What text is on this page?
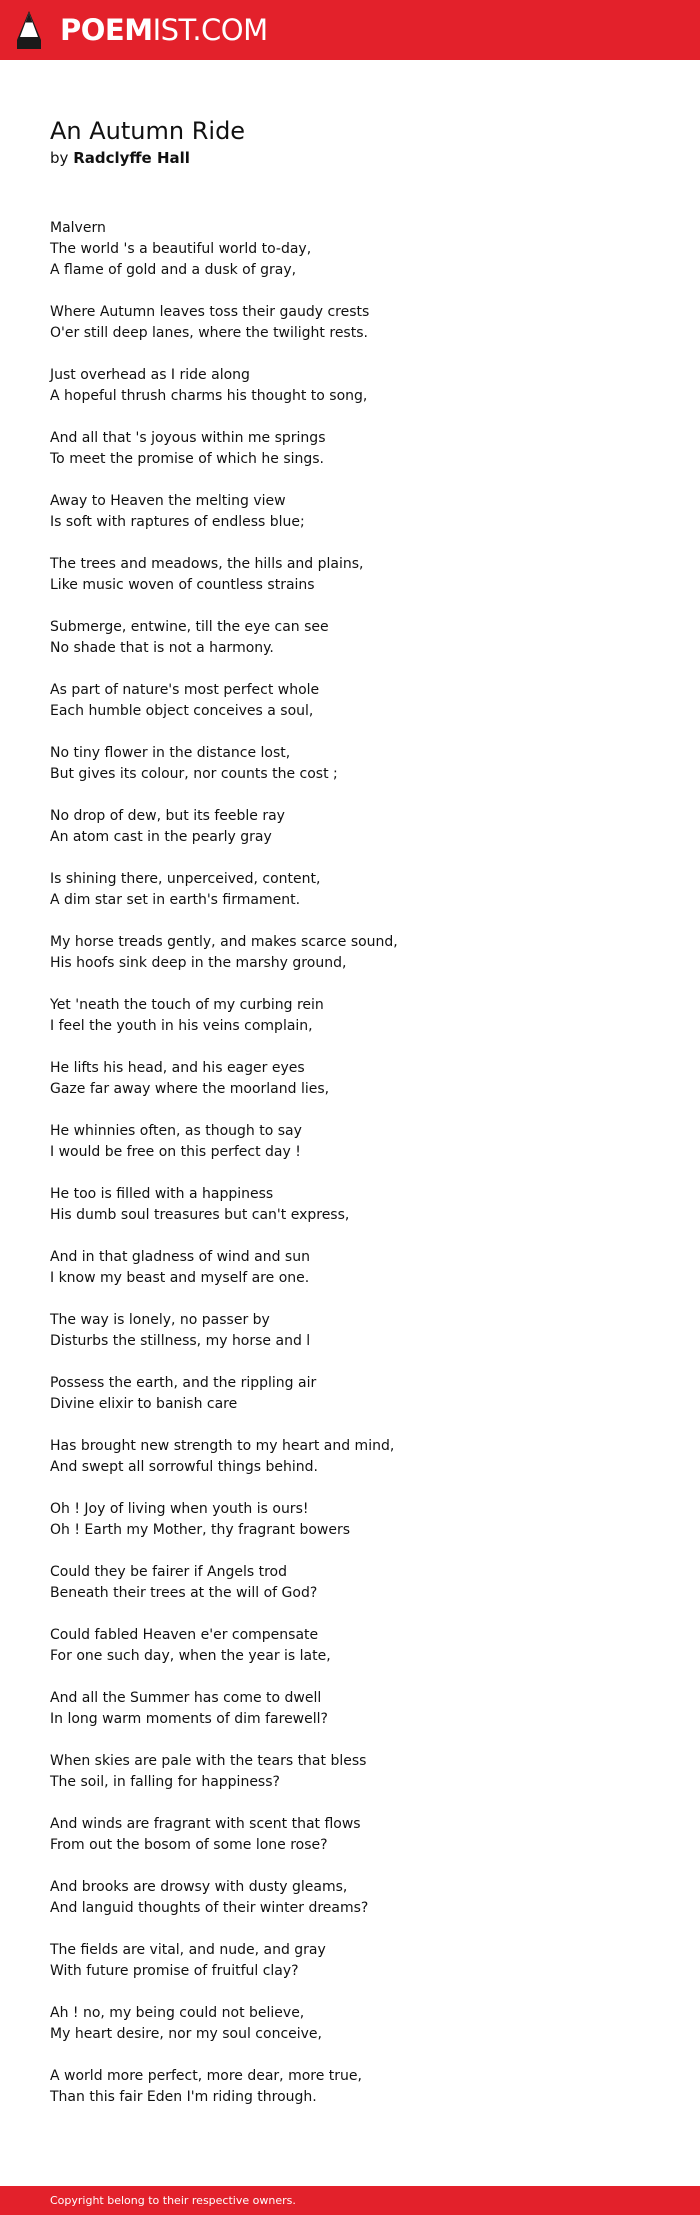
POEMIST.COM
An Autumn Ride
by Radclyffe Hall
Malvern
The world 's a beautiful world to-day,
A flame of gold and a dusk of gray,
Where Autumn leaves toss their gaudy crests
O'er still deep lanes, where the twilight rests.
Just overhead as I ride along
A hopeful thrush charms his thought to song,
And all that 's joyous within me springs
To meet the promise of which he sings.
Away to Heaven the melting view
Is soft with raptures of endless blue;
The trees and meadows, the hills and plains,
Like music woven of countless strains
Submerge, entwine, till the eye can see
No shade that is not a harmony.
As part of nature's most perfect whole
Each humble object conceives a soul,
No tiny flower in the distance lost,
But gives its colour, nor counts the cost ;
No drop of dew, but its feeble ray
An atom cast in the pearly gray
Is shining there, unperceived, content,
A dim star set in earth's firmament.
My horse treads gently, and makes scarce sound,
His hoofs sink deep in the marshy ground,
Yet 'neath the touch of my curbing rein
I feel the youth in his veins complain,
He lifts his head, and his eager eyes
Gaze far away where the moorland lies,
He whinnies often, as though to say
I would be free on this perfect day !
He too is filled with a happiness
His dumb soul treasures but can't express,
And in that gladness of wind and sun
I know my beast and myself are one.
The way is lonely, no passer by
Disturbs the stillness, my horse and l
Possess the earth, and the rippling air
Divine elixir to banish care
Has brought new strength to my heart and mind,
And swept all sorrowful things behind.
Oh ! Joy of living when youth is ours!
Oh ! Earth my Mother, thy fragrant bowers
Could they be fairer if Angels trod
Beneath their trees at the will of God?
Could fabled Heaven e'er compensate
For one such day, when the year is late,
And all the Summer has come to dwell
In long warm moments of dim farewell?
When skies are pale with the tears that bless
The soil, in falling for happiness?
And winds are fragrant with scent that flows
From out the bosom of some lone rose?
And brooks are drowsy with dusty gleams,
And languid thoughts of their winter dreams?
The fields are vital, and nude, and gray
With future promise of fruitful clay?
Ah ! no, my being could not believe,
My heart desire, nor my soul conceive,
A world more perfect, more dear, more true,
Than this fair Eden I'm riding through.
Copyright belong to their respective owners.
